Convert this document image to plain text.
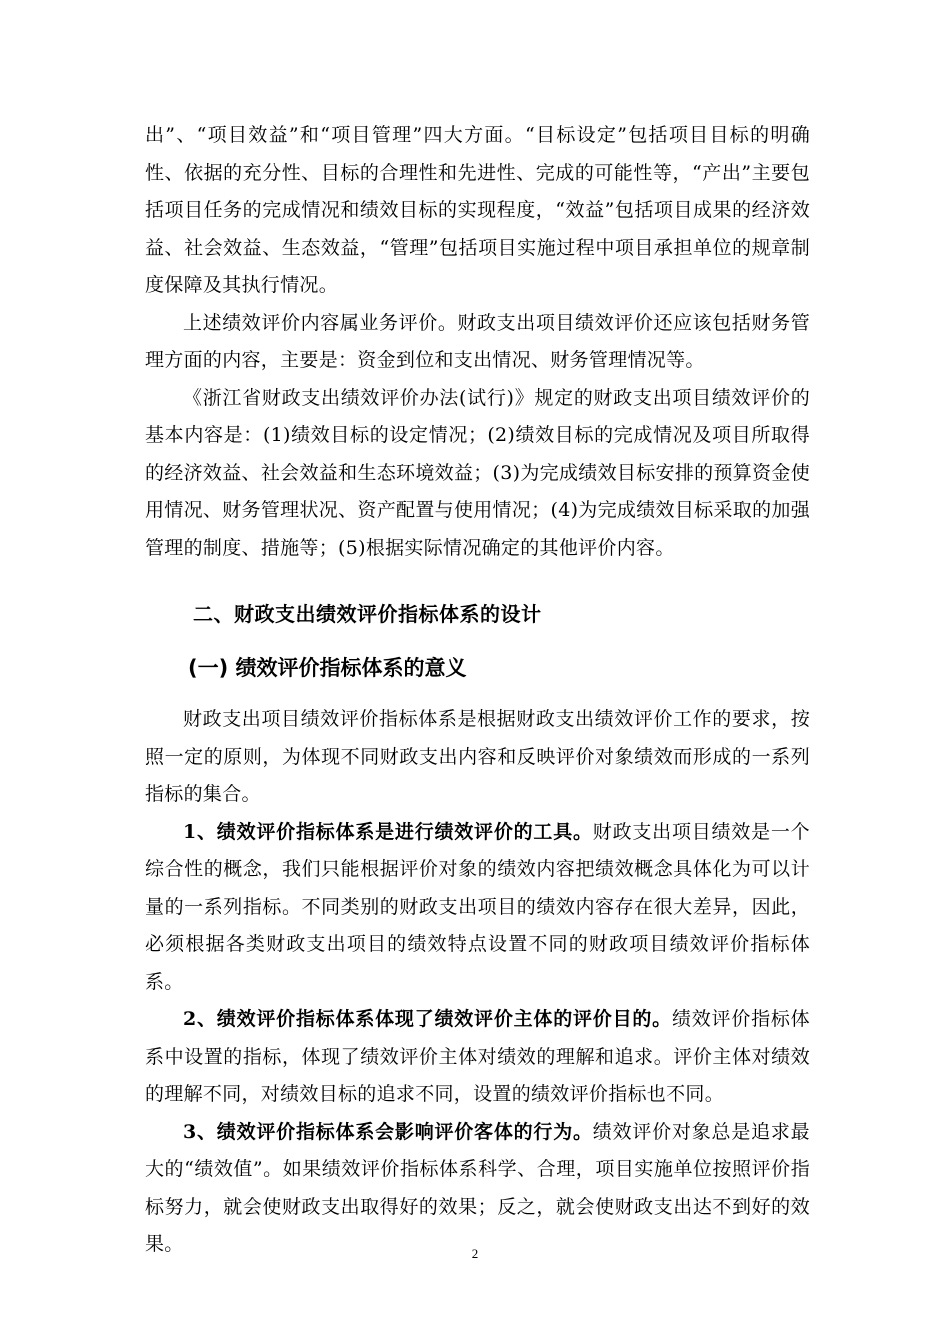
出”、“项目效益”和“项目管理”四大方面。“目标设定”包括项目目标的明确性、依据的充分性、目标的合理性和先进性、完成的可能性等，“产出”主要包括项目任务的完成情况和绩效目标的实现程度，“效益”包括项目成果的经济效益、社会效益、生态效益，“管理”包括项目实施过程中项目承担单位的规章制度保障及其执行情况。

上述绩效评价内容属业务评价。财政支出项目绩效评价还应该包括财务管理方面的内容，主要是：资金到位和支出情况、财务管理情况等。

《浙江省财政支出绩效评价办法(试行)》规定的财政支出项目绩效评价的基本内容是：(1)绩效目标的设定情况；(2)绩效目标的完成情况及项目所取得的经济效益、社会效益和生态环境效益；(3)为完成绩效目标安排的预算资金使用情况、财务管理状况、资产配置与使用情况；(4)为完成绩效目标采取的加强管理的制度、措施等；(5)根据实际情况确定的其他评价内容。

二、财政支出绩效评价指标体系的设计
(一) 绩效评价指标体系的意义

财政支出项目绩效评价指标体系是根据财政支出绩效评价工作的要求，按照一定的原则，为体现不同财政支出内容和反映评价对象绩效而形成的一系列指标的集合。

1、绩效评价指标体系是进行绩效评价的工具。财政支出项目绩效是一个综合性的概念，我们只能根据评价对象的绩效内容把绩效概念具体化为可以计量的一系列指标。不同类别的财政支出项目的绩效内容存在很大差异，因此，必须根据各类财政支出项目的绩效特点设置不同的财政项目绩效评价指标体系。

2、绩效评价指标体系体现了绩效评价主体的评价目的。绩效评价指标体系中设置的指标，体现了绩效评价主体对绩效的理解和追求。评价主体对绩效的理解不同，对绩效目标的追求不同，设置的绩效评价指标也不同。

3、绩效评价指标体系会影响评价客体的行为。绩效评价对象总是追求最大的“绩效值”。如果绩效评价指标体系科学、合理，项目实施单位按照评价指标努力，就会使财政支出取得好的效果；反之，就会使财政支出达不到好的效果。	2
